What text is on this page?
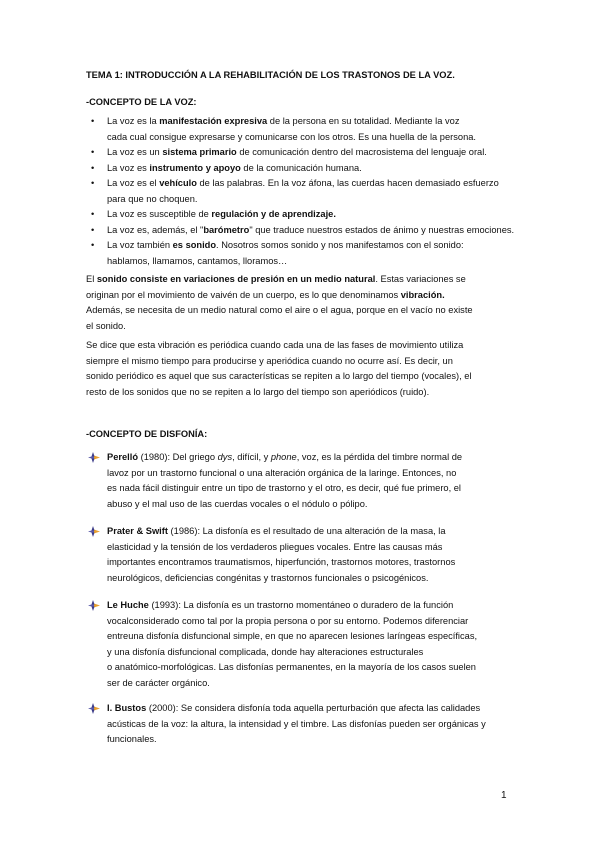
TEMA 1: INTRODUCCIÓN A LA REHABILITACIÓN DE LOS TRASTONOS DE LA VOZ.
-CONCEPTO DE LA VOZ:
• La voz es la manifestación expresiva de la persona en su totalidad. Mediante la voz
cada cual consigue expresarse y comunicarse con los otros. Es una huella de la persona.
• La voz es un sistema primario de comunicación dentro del macrosistema del lenguaje oral.
• La voz es instrumento y apoyo de la comunicación humana.
• La voz es el vehículo de las palabras. En la voz áfona, las cuerdas hacen demasiado esfuerzo
para que no choquen.
• La voz es susceptible de regulación y de aprendizaje.
• La voz es, además, el "barómetro" que traduce nuestros estados de ánimo y nuestras emociones.
• La voz también es sonido. Nosotros somos sonido y nos manifestamos con el sonido:
hablamos, llamamos, cantamos, lloramos…
El sonido consiste en variaciones de presión en un medio natural. Estas variaciones se
originan por el movimiento de vaivén de un cuerpo, es lo que denominamos vibración.
Además, se necesita de un medio natural como el aire o el agua, porque en el vacío no existe
el sonido.
Se dice que esta vibración es periódica cuando cada una de las fases de movimiento utiliza
siempre el mismo tiempo para producirse y aperiódica cuando no ocurre así. Es decir, un
sonido periódico es aquel que sus características se repiten a lo largo del tiempo (vocales), el
resto de los sonidos que no se repiten a lo largo del tiempo son aperiódicos (ruido).
-CONCEPTO DE DISFONÍA:
Perelló (1980): Del griego dys, difícil, y phone, voz, es la pérdida del timbre normal de
lavoz por un trastorno funcional o una alteración orgánica de la laringe. Entonces, no
es nada fácil distinguir entre un tipo de trastorno y el otro, es decir, qué fue primero, el
abuso y el mal uso de las cuerdas vocales o el nódulo o pólipo.
Prater & Swift (1986): La disfonía es el resultado de una alteración de la masa, la
elasticidad y la tensión de los verdaderos pliegues vocales. Entre las causas más
importantes encontramos traumatismos, hiperfunción, trastornos motores, trastornos
neurológicos, deficiencias congénitas y trastornos funcionales o psicogénicos.
Le Huche (1993): La disfonía es un trastorno momentáneo o duradero de la función
vocalconsiderado como tal por la propia persona o por su entorno. Podemos diferenciar
entreuna disfonía disfuncional simple, en que no aparecen lesiones laríngeas específicas,
y una disfonía disfuncional complicada, donde hay alteraciones estructurales
o anatómico-morfológicas. Las disfonías permanentes, en la mayoría de los casos suelen
ser de carácter orgánico.
I. Bustos (2000): Se considera disfonía toda aquella perturbación que afecta las calidades
acústicas de la voz: la altura, la intensidad y el timbre. Las disfonías pueden ser orgánicas y
funcionales.
1
